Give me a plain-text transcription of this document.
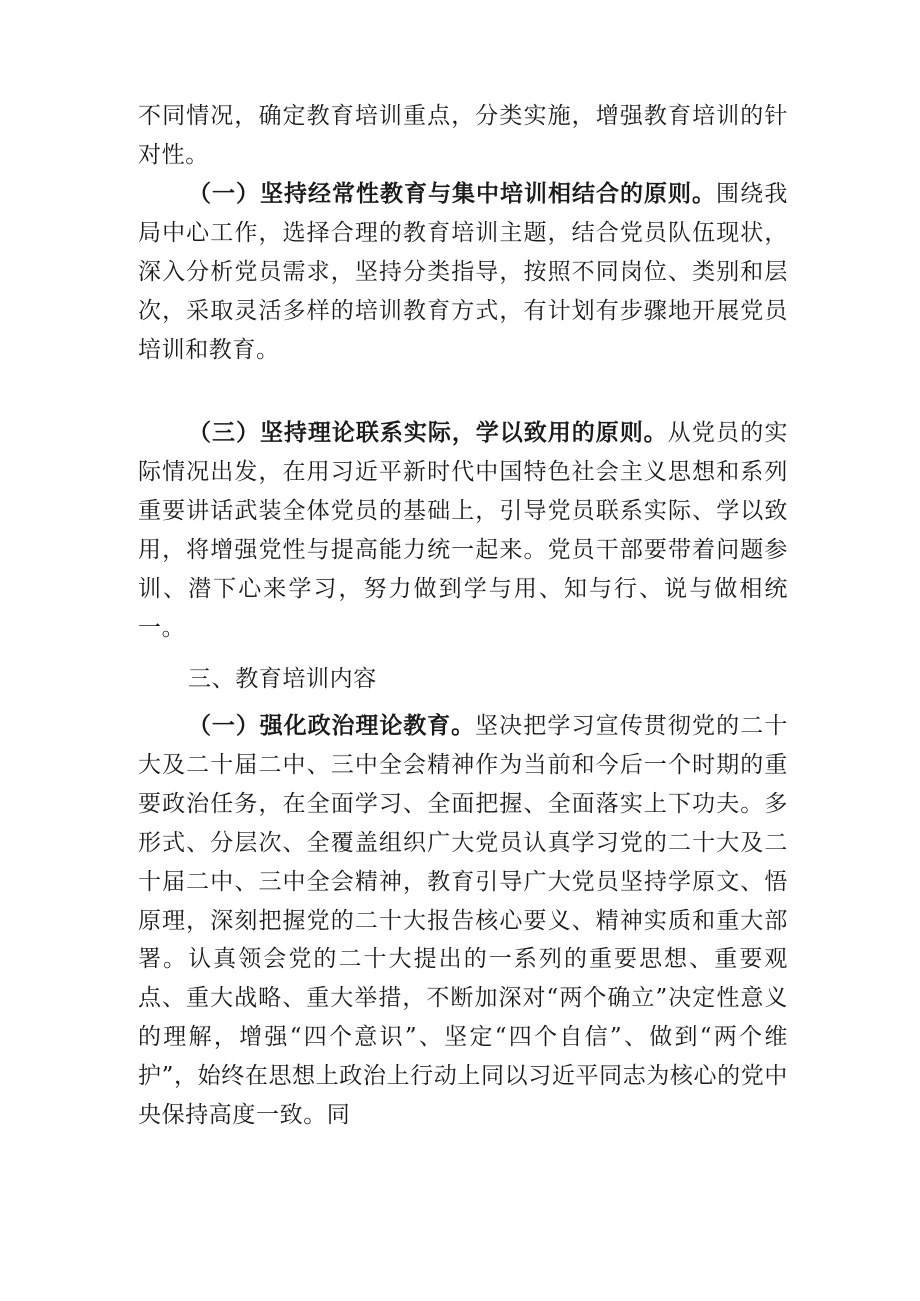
不同情况，确定教育培训重点，分类实施，增强教育培训的针对性。

（一）坚持经常性教育与集中培训相结合的原则。围绕我局中心工作，选择合理的教育培训主题，结合党员队伍现状，深入分析党员需求，坚持分类指导，按照不同岗位、类别和层次，采取灵活多样的培训教育方式，有计划有步骤地开展党员培训和教育。

（三）坚持理论联系实际，学以致用的原则。从党员的实际情况出发，在用习近平新时代中国特色社会主义思想和系列重要讲话武装全体党员的基础上，引导党员联系实际、学以致用，将增强党性与提高能力统一起来。党员干部要带着问题参训、潜下心来学习，努力做到学与用、知与行、说与做相统一。

三、教育培训内容

（一）强化政治理论教育。坚决把学习宣传贯彻党的二十大及二十届二中、三中全会精神作为当前和今后一个时期的重要政治任务，在全面学习、全面把握、全面落实上下功夫。多形式、分层次、全覆盖组织广大党员认真学习党的二十大及二十届二中、三中全会精神，教育引导广大党员坚持学原文、悟原理，深刻把握党的二十大报告核心要义、精神实质和重大部署。认真领会党的二十大提出的一系列的重要思想、重要观点、重大战略、重大举措，不断加深对“两个确立”决定性意义的理解，增强“四个意识”、坚定“四个自信”、做到“两个维护”，始终在思想上政治上行动上同以习近平同志为核心的党中央保持高度一致。同
